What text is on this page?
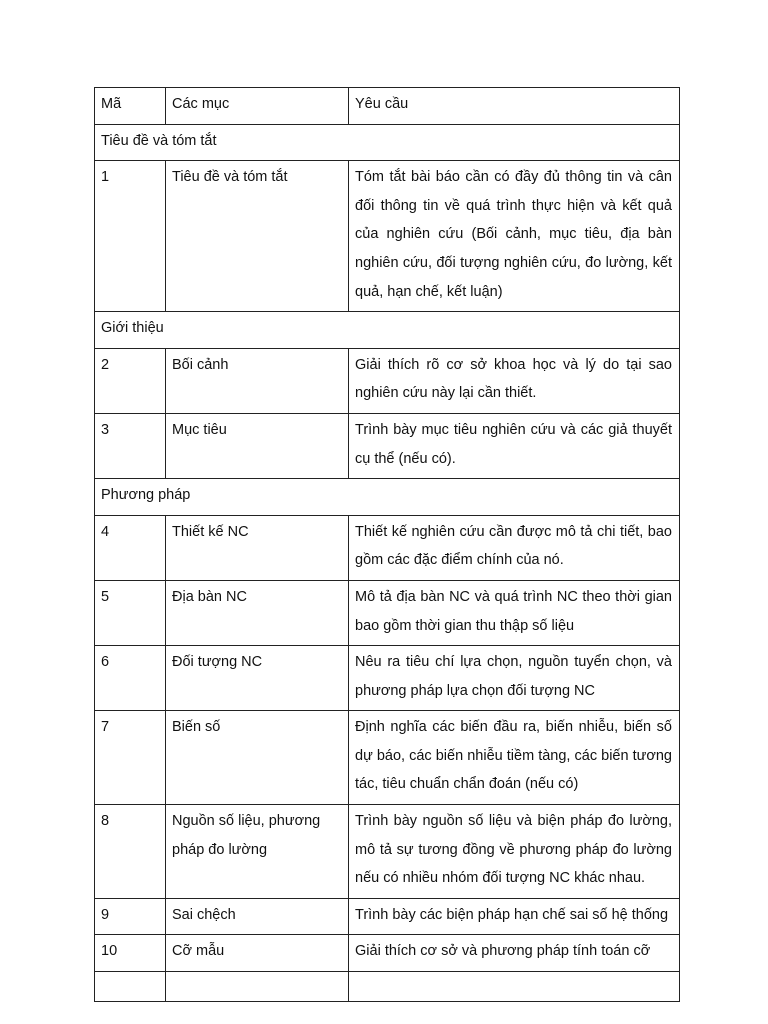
Mã	Các mục	Yêu cầu
Tiêu đề và tóm tắt		
1	Tiêu đề và tóm tắt	Tóm tắt bài báo cần có đầy đủ thông tin và cân đối thông tin về quá trình thực hiện và kết quả của nghiên cứu (Bối cảnh, mục tiêu, địa bàn nghiên cứu, đối tượng nghiên cứu, đo lường, kết quả, hạn chế, kết luận)
Giới thiệu		
2	Bối cảnh	Giải thích rõ cơ sở khoa học và lý do tại sao nghiên cứu này lại cần thiết.
3	Mục tiêu	Trình bày mục tiêu nghiên cứu và các giả thuyết cụ thể (nếu có).
Phương pháp		
4	Thiết kế NC	Thiết kế nghiên cứu cần được mô tả chi tiết, bao gồm các đặc điểm chính của nó.
5	Địa bàn NC	Mô tả địa bàn NC và quá trình NC theo thời gian bao gồm thời gian thu thập số liệu
6	Đối tượng NC	Nêu ra tiêu chí lựa chọn, nguồn tuyển chọn, và phương pháp lựa chọn đối tượng NC
7	Biến số	Định nghĩa các biến đầu ra, biến nhiễu, biến số dự báo, các biến nhiễu tiềm tàng, các biến tương tác, tiêu chuẩn chẩn đoán (nếu có)
8	Nguồn số liệu, phương pháp đo lường	Trình bày nguồn số liệu và biện pháp đo lường, mô tả sự tương đồng về phương pháp đo lường nếu có nhiều nhóm đối tượng NC khác nhau.
9	Sai chệch	Trình bày các biện pháp hạn chế sai số hệ thống
10	Cỡ mẫu	Giải thích cơ sở và phương pháp tính toán cỡ
